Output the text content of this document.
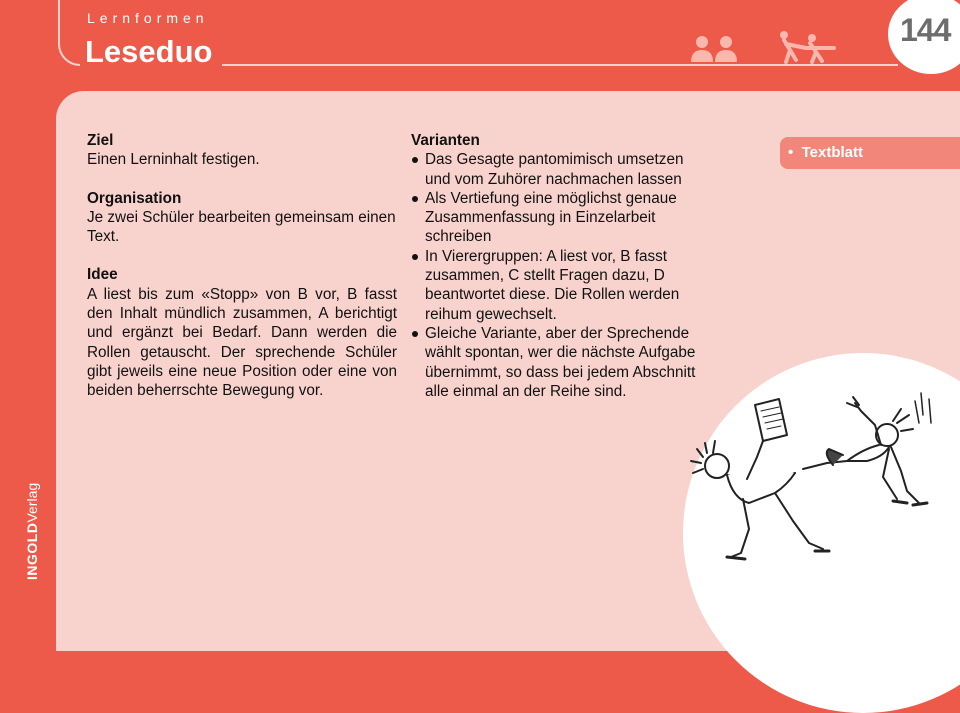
Lernformen
Leseduo
144
INGOLDVerlag
Ziel
Einen Lerninhalt festigen.
Organisation
Je zwei Schüler bearbeiten gemeinsam einen Text.
Idee
A liest bis zum «Stopp» von B vor, B fasst den Inhalt mündlich zusammen, A berichtigt und ergänzt bei Bedarf. Dann werden die Rollen getauscht. Der sprechende Schüler gibt jeweils eine neue Position oder eine von beiden beherrschte Bewegung vor.
Varianten
Das Gesagte pantomimisch umsetzen und vom Zuhörer nachmachen lassen
Als Vertiefung eine möglichst genaue Zusammenfassung in Einzelarbeit schreiben
In Vierergruppen: A liest vor, B fasst zusammen, C stellt Fragen dazu, D beantwortet diese. Die Rollen werden reihum gewechselt.
Gleiche Variante, aber der Sprechende wählt spontan, wer die nächste Aufgabe übernimmt, so dass bei jedem Abschnitt alle einmal an der Reihe sind.
• Textblatt
